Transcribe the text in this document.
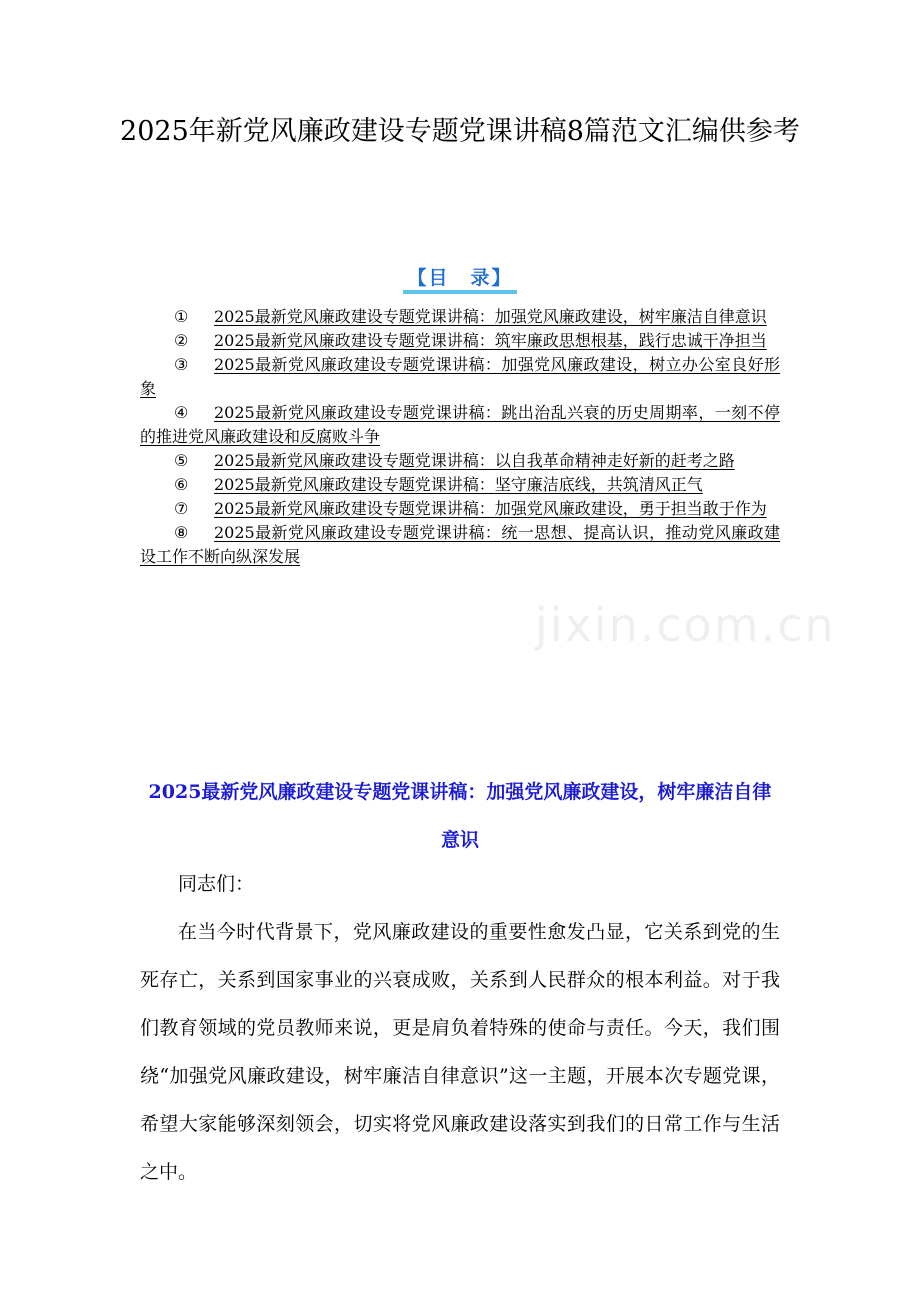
2025年新党风廉政建设专题党课讲稿8篇范文汇编供参考
【目　录】
① 2025最新党风廉政建设专题党课讲稿：加强党风廉政建设，树牢廉洁自律意识
② 2025最新党风廉政建设专题党课讲稿：筑牢廉政思想根基，践行忠诚干净担当
③ 2025最新党风廉政建设专题党课讲稿：加强党风廉政建设，树立办公室良好形象
④ 2025最新党风廉政建设专题党课讲稿：跳出治乱兴衰的历史周期率，一刻不停的推进党风廉政建设和反腐败斗争
⑤ 2025最新党风廉政建设专题党课讲稿：以自我革命精神走好新的赶考之路
⑥ 2025最新党风廉政建设专题党课讲稿：坚守廉洁底线，共筑清风正气
⑦ 2025最新党风廉政建设专题党课讲稿：加强党风廉政建设，勇于担当敢于作为
⑧ 2025最新党风廉政建设专题党课讲稿：统一思想、提高认识，推动党风廉政建设工作不断向纵深发展
jixin.com.cn
2025最新党风廉政建设专题党课讲稿：加强党风廉政建设，树牢廉洁自律意识

同志们：

在当今时代背景下，党风廉政建设的重要性愈发凸显，它关系到党的生死存亡，关系到国家事业的兴衰成败，关系到人民群众的根本利益。对于我们教育领域的党员教师来说，更是肩负着特殊的使命与责任。今天，我们围绕“加强党风廉政建设，树牢廉洁自律意识”这一主题，开展本次专题党课，希望大家能够深刻领会，切实将党风廉政建设落实到我们的日常工作与生活之中。
